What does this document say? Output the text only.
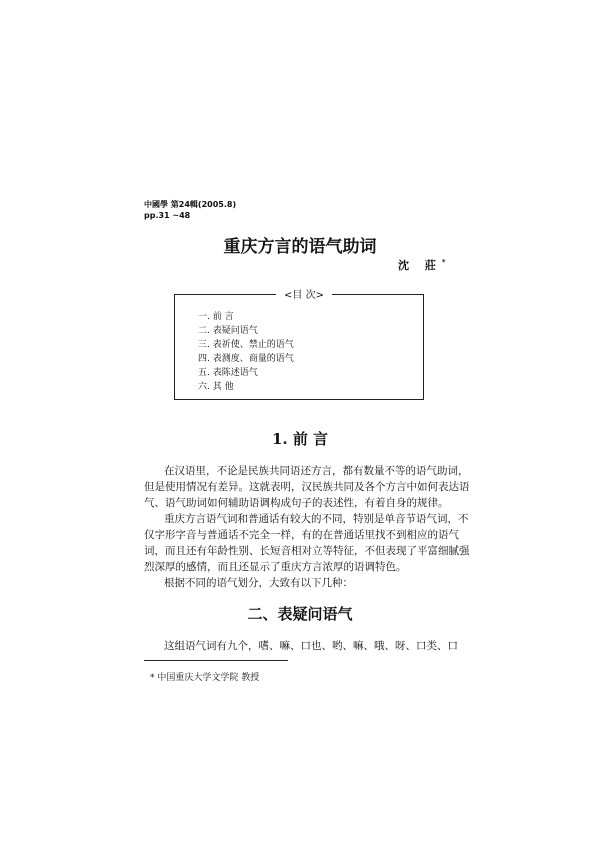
中國學 第24輯(2005.8)
pp.31 ~48
重庆方言的语气助词
沈 莊*
<目 次>
一. 前 言
二. 表疑问语气
三. 表祈使、禁止的语气
四. 表测度、商量的语气
五. 表陈述语气
六. 其 他
1. 前 言
在汉语里，不论是民族共同语还方言，都有数量不等的语气助词，
但是使用情况有差异。这就表明，汉民族共同及各个方言中如何表达语
气、语气助词如何辅助语调构成句子的表述性，有着自身的规律。
重庆方言语气词和普通话有较大的不同，特别是单音节语气词，不
仅字形字音与普通话不完全一样，有的在普通话里找不到相应的语气
词，而且还有年龄性别、长短音相对立等特征，不但表现了平富细腻强
烈深厚的感情，而且还显示了重庆方言浓厚的语调特色。
根据不同的语气划分，大致有以下几种：
二、表疑问语气
这组语气词有九个，嗜、嘛、口也、哟、嘛、哦、呀、口类、口
* 中国重庆大学文学院 教授
